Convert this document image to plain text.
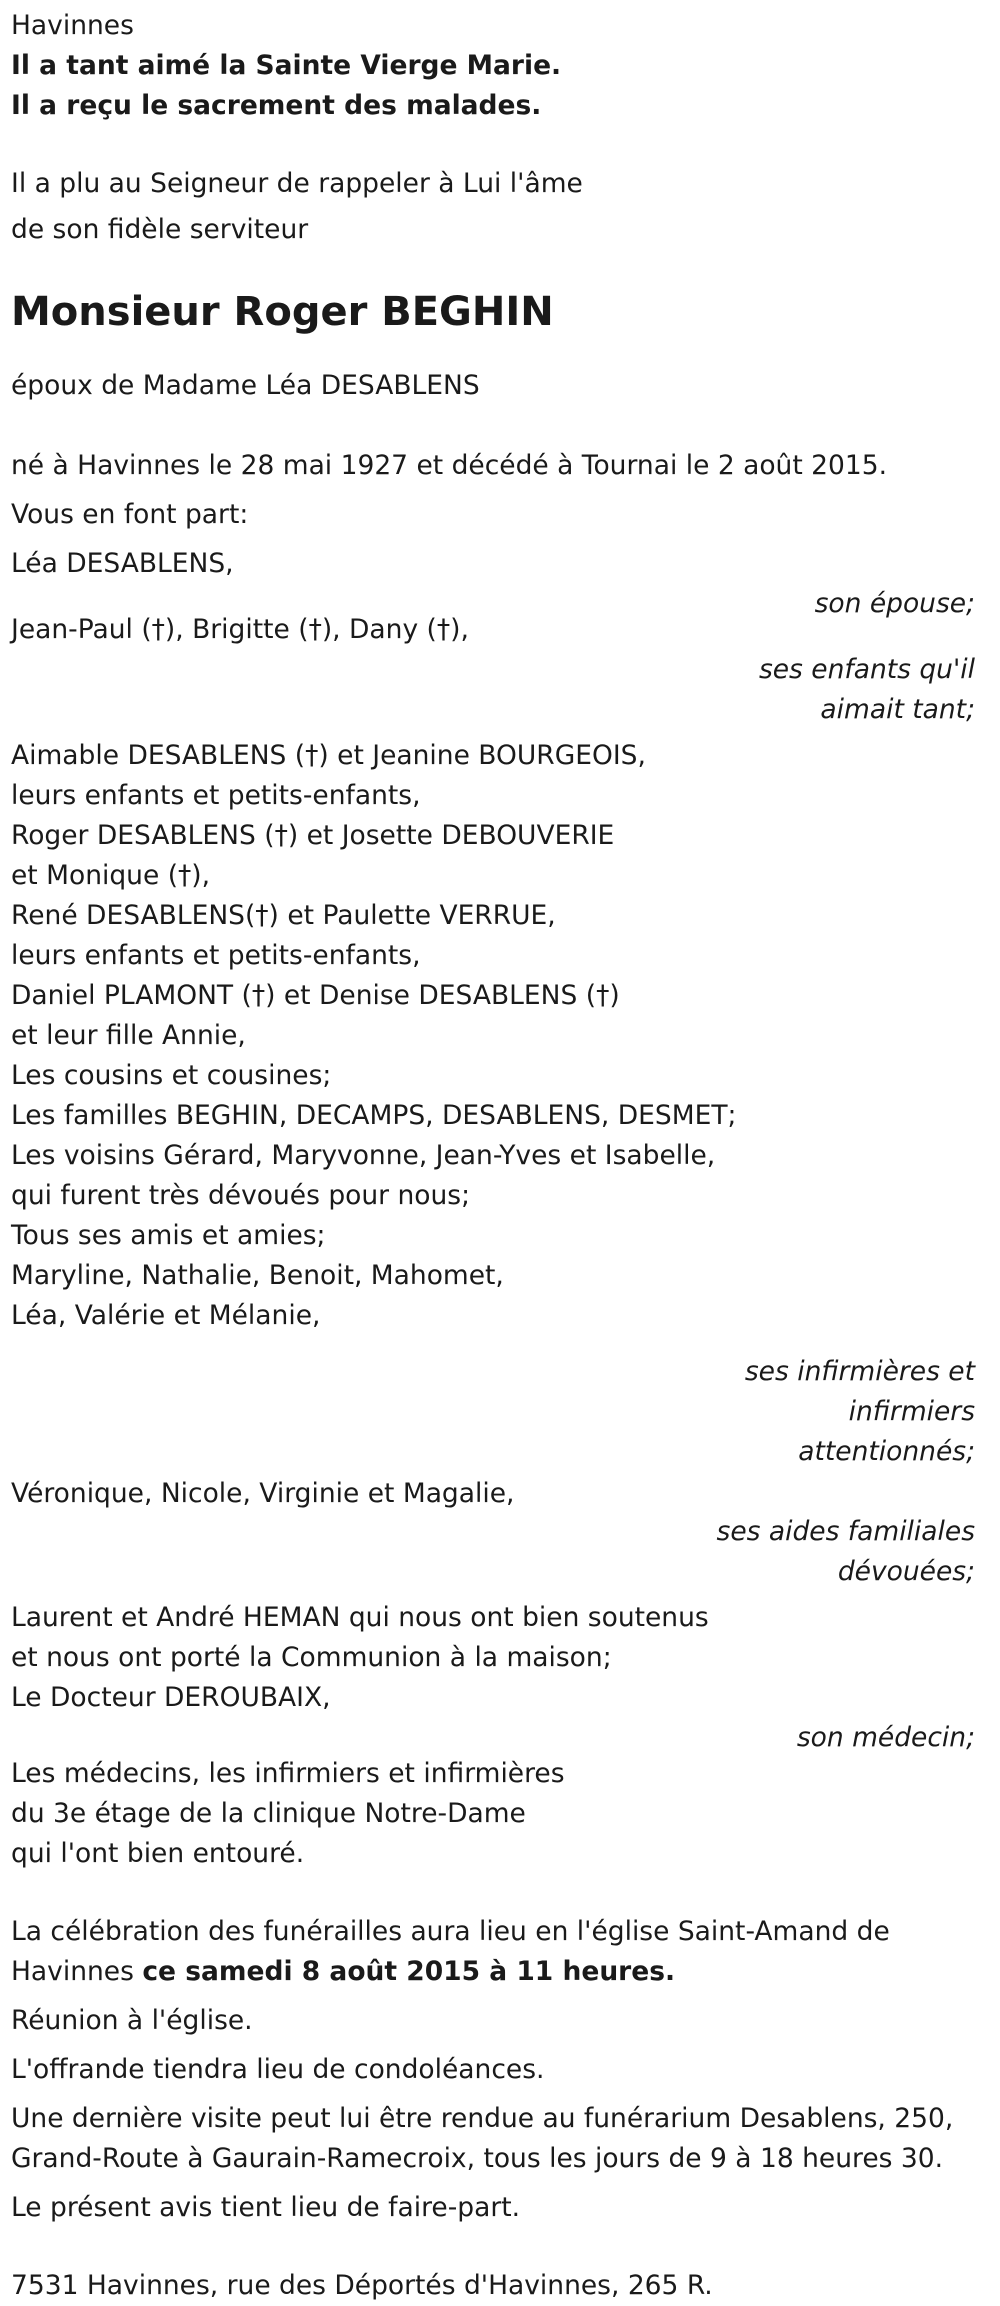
Havinnes

Il a tant aimé la Sainte Vierge Marie.

Il a reçu le sacrement des malades.

Il a plu au Seigneur de rappeler à Lui l'âme

de son fidèle serviteur

Monsieur Roger BEGHIN

époux de Madame Léa DESABLENS

né à Havinnes le 28 mai 1927 et décédé à Tournai le 2 août 2015.

Vous en font part:

Léa DESABLENS,

son épouse;

Jean-Paul (†), Brigitte (†), Dany (†),

ses enfants qu'il

aimait tant;

Aimable DESABLENS (†) et Jeanine BOURGEOIS,

leurs enfants et petits-enfants,

Roger DESABLENS (†) et Josette DEBOUVERIE

et Monique (†),

René DESABLENS(†) et Paulette VERRUE,

leurs enfants et petits-enfants,

Daniel PLAMONT (†) et Denise DESABLENS (†)

et leur fille Annie,

Les cousins et cousines;

Les familles BEGHIN, DECAMPS, DESABLENS, DESMET;

Les voisins Gérard, Maryvonne, Jean-Yves et Isabelle,

qui furent très dévoués pour nous;

Tous ses amis et amies;

Maryline, Nathalie, Benoit, Mahomet,

Léa, Valérie et Mélanie,

ses infirmières et

infirmiers

attentionnés;

Véronique, Nicole, Virginie et Magalie,

ses aides familiales

dévouées;

Laurent et André HEMAN qui nous ont bien soutenus

et nous ont porté la Communion à la maison;

Le Docteur DEROUBAIX,

son médecin;

Les médecins, les infirmiers et infirmières

du 3e étage de la clinique Notre-Dame

qui l'ont bien entouré.

La célébration des funérailles aura lieu en l'église Saint-Amand de

Havinnes ce samedi 8 août 2015 à 11 heures.

Réunion à l'église.

L'offrande tiendra lieu de condoléances.

Une dernière visite peut lui être rendue au funérarium Desablens, 250,

Grand-Route à Gaurain-Ramecroix, tous les jours de 9 à 18 heures 30.

Le présent avis tient lieu de faire-part.

7531 Havinnes, rue des Déportés d'Havinnes, 265 R.
